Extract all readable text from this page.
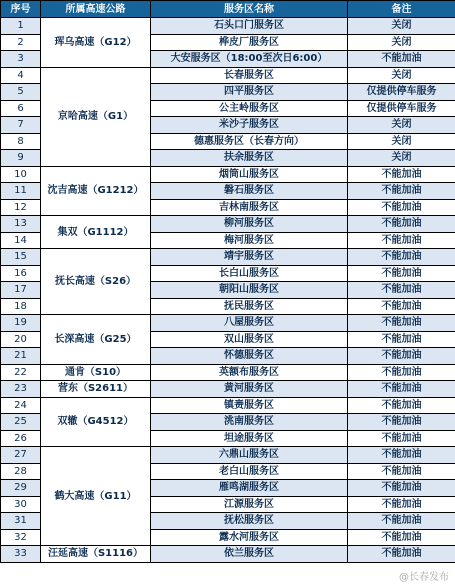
序号	所属高速公路	服务区名称	备注
1	珲乌高速（G12）	石头口门服务区	关闭
2		桦皮厂服务区	关闭
3		大安服务区（18:00至次日6:00）	不能加油
4	京哈高速（G1）	长春服务区	关闭
5		四平服务区	仅提供停车服务
6		公主岭服务区	仅提供停车服务
7		米沙子服务区	关闭
8		德惠服务区（长春方向）	关闭
9		扶余服务区	关闭
10	沈吉高速（G1212）	烟筒山服务区	不能加油
11		磐石服务区	不能加油
12		吉林南服务区	不能加油
13	集双（G1112）	柳河服务区	不能加油
14		梅河服务区	不能加油
15	抚长高速（S26）	靖宇服务区	不能加油
16		长白山服务区	不能加油
17		朝阳山服务区	不能加油
18		抚民服务区	不能加油
19	长深高速（G25）	八屋服务区	不能加油
20		双山服务区	不能加油
21		怀德服务区	不能加油
22	通肯（S10）	英额布服务区	不能加油
23	营东（S2611）	黄河服务区	不能加油
24	双辙（G4512）	镇赉服务区	不能加油
25		洮南服务区	不能加油
26		坦途服务区	不能加油
27	鹤大高速（G11）	六鼎山服务区	不能加油
28		老白山服务区	不能加油
29		雁鸣湖服务区	不能加油
30		江源服务区	不能加油
31		抚松服务区	不能加油
32		露水河服务区	不能加油
33	汪延高速（S1116）	依兰服务区	不能加油
@长春发布
